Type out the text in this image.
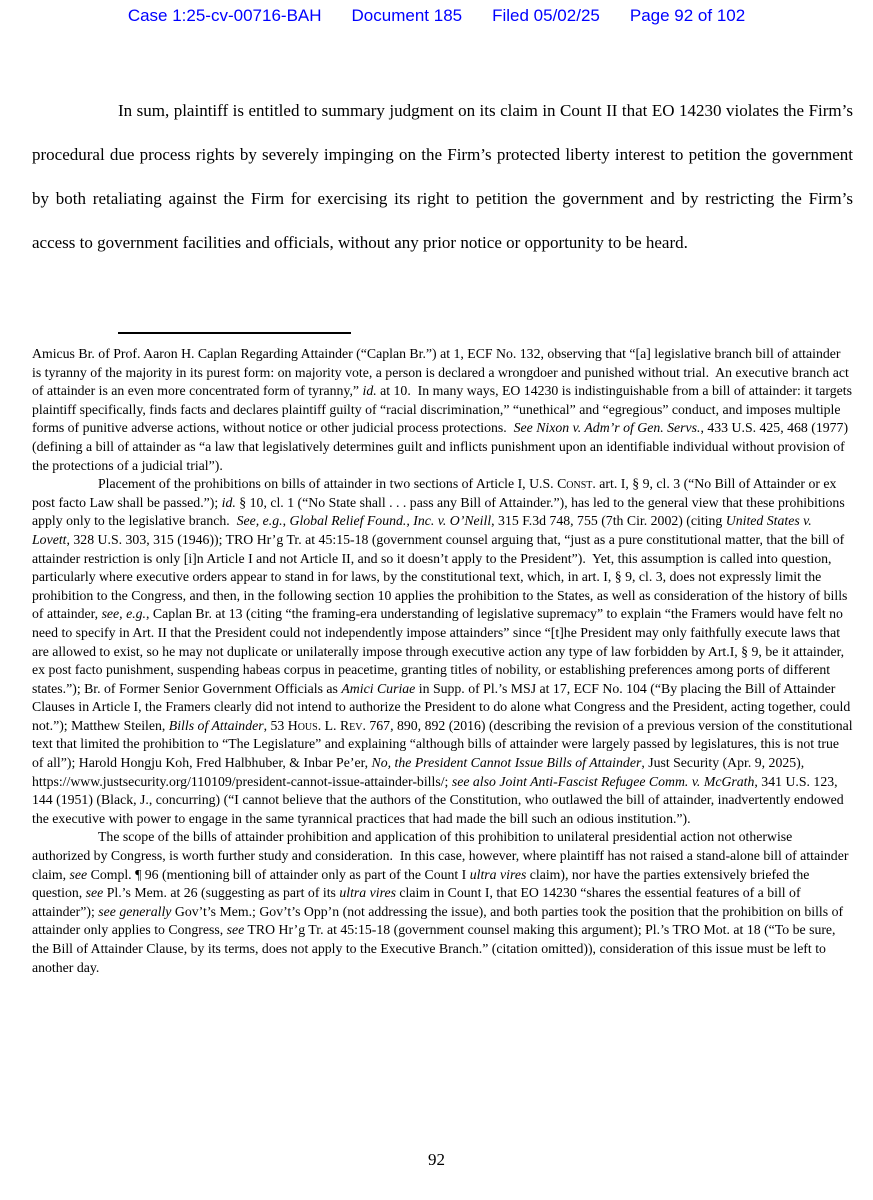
Case 1:25-cv-00716-BAH Document 185 Filed 05/02/25 Page 92 of 102

In sum, plaintiff is entitled to summary judgment on its claim in Count II that EO 14230 violates the Firm’s procedural due process rights by severely impinging on the Firm’s protected liberty interest to petition the government by both retaliating against the Firm for exercising its right to petition the government and by restricting the Firm’s access to government facilities and officials, without any prior notice or opportunity to be heard.

Amicus Br. of Prof. Aaron H. Caplan Regarding Attainder (“Caplan Br.”) at 1, ECF No. 132, observing that “[a] legislative branch bill of attainder is tyranny of the majority in its purest form: on majority vote, a person is declared a wrongdoer and punished without trial.  An executive branch act of attainder is an even more concentrated form of tyranny,” id. at 10.  In many ways, EO 14230 is indistinguishable from a bill of attainder: it targets plaintiff specifically, finds facts and declares plaintiff guilty of “racial discrimination,” “unethical” and “egregious” conduct, and imposes multiple forms of punitive adverse actions, without notice or other judicial process protections.  See Nixon v. Adm’r of Gen. Servs., 433 U.S. 425, 468 (1977) (defining a bill of attainder as “a law that legislatively determines guilt and inflicts punishment upon an identifiable individual without provision of the protections of a judicial trial”).

Placement of the prohibitions on bills of attainder in two sections of Article I, U.S. Const. art. I, § 9, cl. 3 (“No Bill of Attainder or ex post facto Law shall be passed.”); id. § 10, cl. 1 (“No State shall . . . pass any Bill of Attainder.”), has led to the general view that these prohibitions apply only to the legislative branch.  See, e.g., Global Relief Found., Inc. v. O’Neill, 315 F.3d 748, 755 (7th Cir. 2002) (citing United States v. Lovett, 328 U.S. 303, 315 (1946)); TRO Hr’g Tr. at 45:15-18 (government counsel arguing that, “just as a pure constitutional matter, that the bill of attainder restriction is only [i]n Article I and not Article II, and so it doesn’t apply to the President”).  Yet, this assumption is called into question, particularly where executive orders appear to stand in for laws, by the constitutional text, which, in art. I, § 9, cl. 3, does not expressly limit the prohibition to the Congress, and then, in the following section 10 applies the prohibition to the States, as well as consideration of the history of bills of attainder, see, e.g., Caplan Br. at 13 (citing “the framing-era understanding of legislative supremacy” to explain “the Framers would have felt no need to specify in Art. II that the President could not independently impose attainders” since “[t]he President may only faithfully execute laws that are allowed to exist, so he may not duplicate or unilaterally impose through executive action any type of law forbidden by Art.I, § 9, be it attainder, ex post facto punishment, suspending habeas corpus in peacetime, granting titles of nobility, or establishing preferences among ports of different states.”); Br. of Former Senior Government Officials as Amici Curiae in Supp. of Pl.’s MSJ at 17, ECF No. 104 (“By placing the Bill of Attainder Clauses in Article I, the Framers clearly did not intend to authorize the President to do alone what Congress and the President, acting together, could not.”); Matthew Steilen, Bills of Attainder, 53 Hous. L. Rev. 767, 890, 892 (2016) (describing the revision of a previous version of the constitutional text that limited the prohibition to “The Legislature” and explaining “although bills of attainder were largely passed by legislatures, this is not true of all”); Harold Hongju Koh, Fred Halbhuber, & Inbar Pe’er, No, the President Cannot Issue Bills of Attainder, Just Security (Apr. 9, 2025), https://www.justsecurity.org/110109/president-cannot-issue-attainder-bills/; see also Joint Anti-Fascist Refugee Comm. v. McGrath, 341 U.S. 123, 144 (1951) (Black, J., concurring) (“I cannot believe that the authors of the Constitution, who outlawed the bill of attainder, inadvertently endowed the executive with power to engage in the same tyrannical practices that had made the bill such an odious institution.”).

The scope of the bills of attainder prohibition and application of this prohibition to unilateral presidential action not otherwise authorized by Congress, is worth further study and consideration.  In this case, however, where plaintiff has not raised a stand-alone bill of attainder claim, see Compl. ¶ 96 (mentioning bill of attainder only as part of the Count I ultra vires claim), nor have the parties extensively briefed the question, see Pl.’s Mem. at 26 (suggesting as part of its ultra vires claim in Count I, that EO 14230 “shares the essential features of a bill of attainder”); see generally Gov’t’s Mem.; Gov’t’s Opp’n (not addressing the issue), and both parties took the position that the prohibition on bills of attainder only applies to Congress, see TRO Hr’g Tr. at 45:15-18 (government counsel making this argument); Pl.’s TRO Mot. at 18 (“To be sure, the Bill of Attainder Clause, by its terms, does not apply to the Executive Branch.” (citation omitted)), consideration of this issue must be left to another day.

92
